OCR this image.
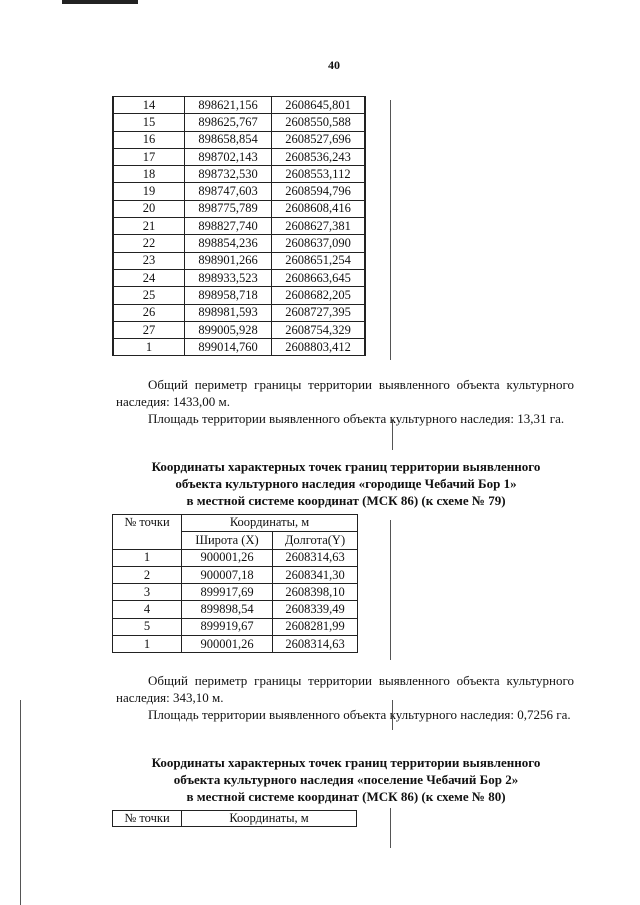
40
14	898621,156	2608645,801
15	898625,767	2608550,588
16	898658,854	2608527,696
17	898702,143	2608536,243
18	898732,530	2608553,112
19	898747,603	2608594,796
20	898775,789	2608608,416
21	898827,740	2608627,381
22	898854,236	2608637,090
23	898901,266	2608651,254
24	898933,523	2608663,645
25	898958,718	2608682,205
26	898981,593	2608727,395
27	899005,928	2608754,329
1	899014,760	2608803,412
Общий периметр границы территории выявленного объекта культурного наследия: 1433,00 м.
Площадь территории выявленного объекта культурного наследия: 13,31 га.
Координаты характерных точек границ территории выявленного
объекта культурного наследия «городище Чебачий Бор 1»
в местной системе координат (МСК 86) (к схеме № 79)
№ точки	Координаты, м	
	Широта (X)	Долгота(Y)
1	900001,26	2608314,63
2	900007,18	2608341,30
3	899917,69	2608398,10
4	899898,54	2608339,49
5	899919,67	2608281,99
1	900001,26	2608314,63
Общий периметр границы территории выявленного объекта культурного наследия: 343,10 м.
Площадь территории выявленного объекта культурного наследия: 0,7256 га.
Координаты характерных точек границ территории выявленного
объекта культурного наследия «поселение Чебачий Бор 2»
в местной системе координат (МСК 86) (к схеме № 80)
№ точки	Координаты, м
